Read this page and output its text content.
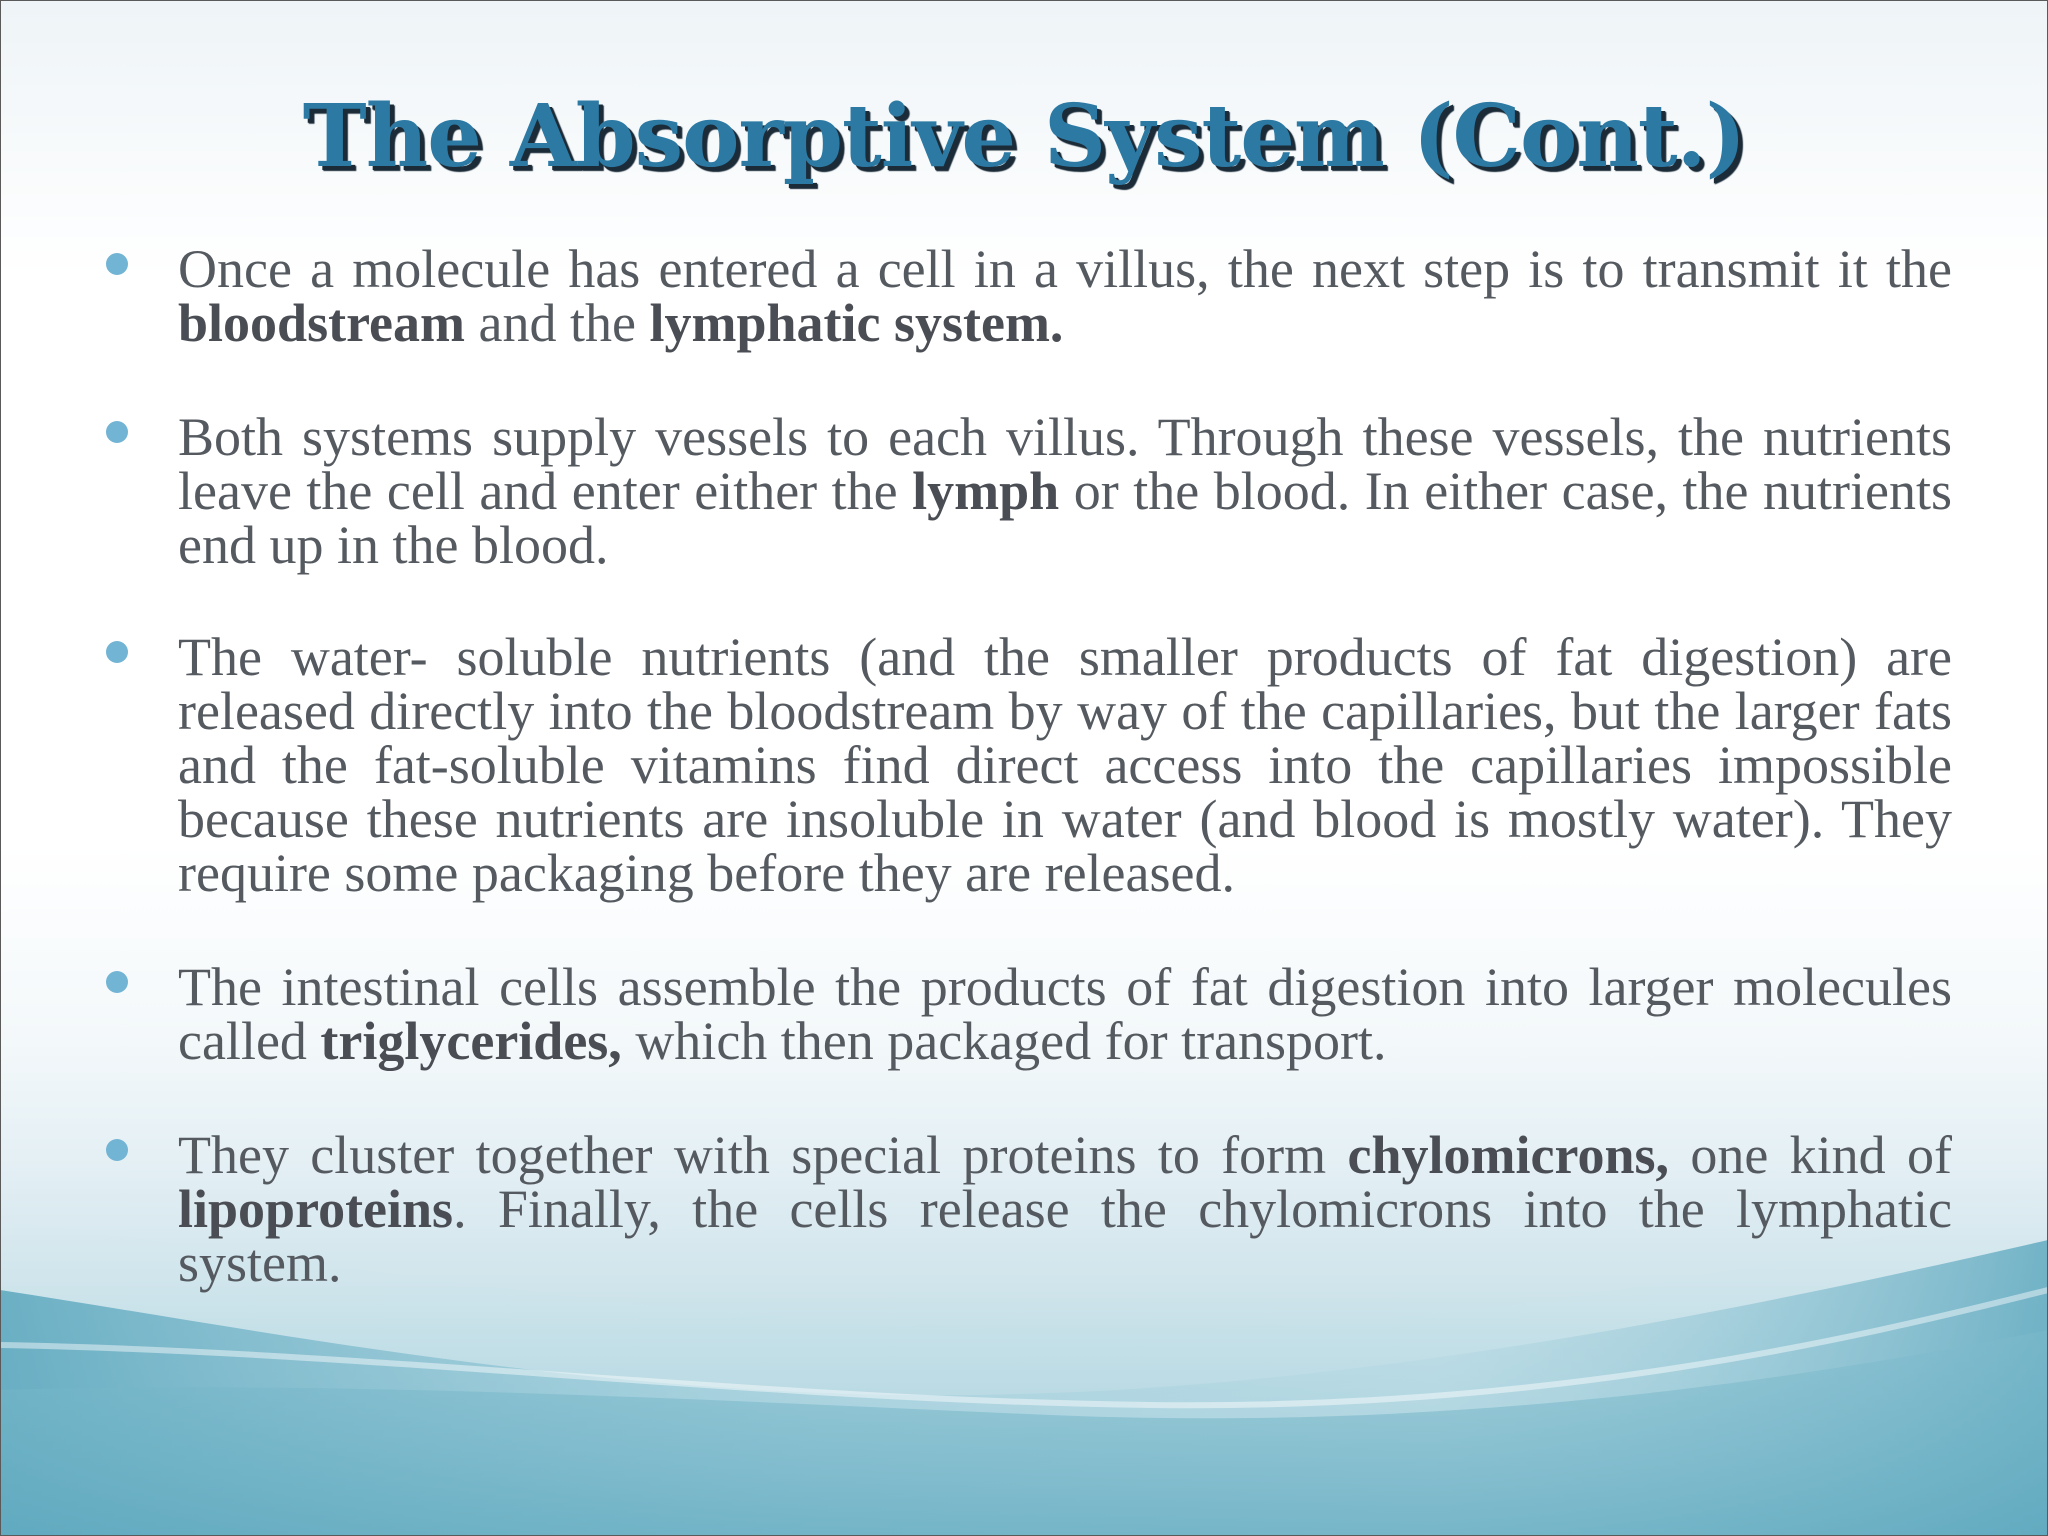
The Absorptive System (Cont.)

Once a molecule has entered a cell in a villus, the next step is to transmit it the bloodstream and the lymphatic system.

Both systems supply vessels to each villus. Through these vessels, the nutrients leave the cell and enter either the lymph or the blood. In either case, the nutrients end up in the blood.

The water- soluble nutrients (and the smaller products of fat digestion) are released directly into the bloodstream by way of the capillaries, but the larger fats and the fat-soluble vitamins find direct access into the capillaries impossible because these nutrients are insoluble in water (and blood is mostly water). They require some packaging before they are released.

The intestinal cells assemble the products of fat digestion into larger molecules called triglycerides, which then packaged for transport.

They cluster together with special proteins to form chylomicrons, one kind of lipoproteins. Finally, the cells release the chylomicrons into the lymphatic system.
